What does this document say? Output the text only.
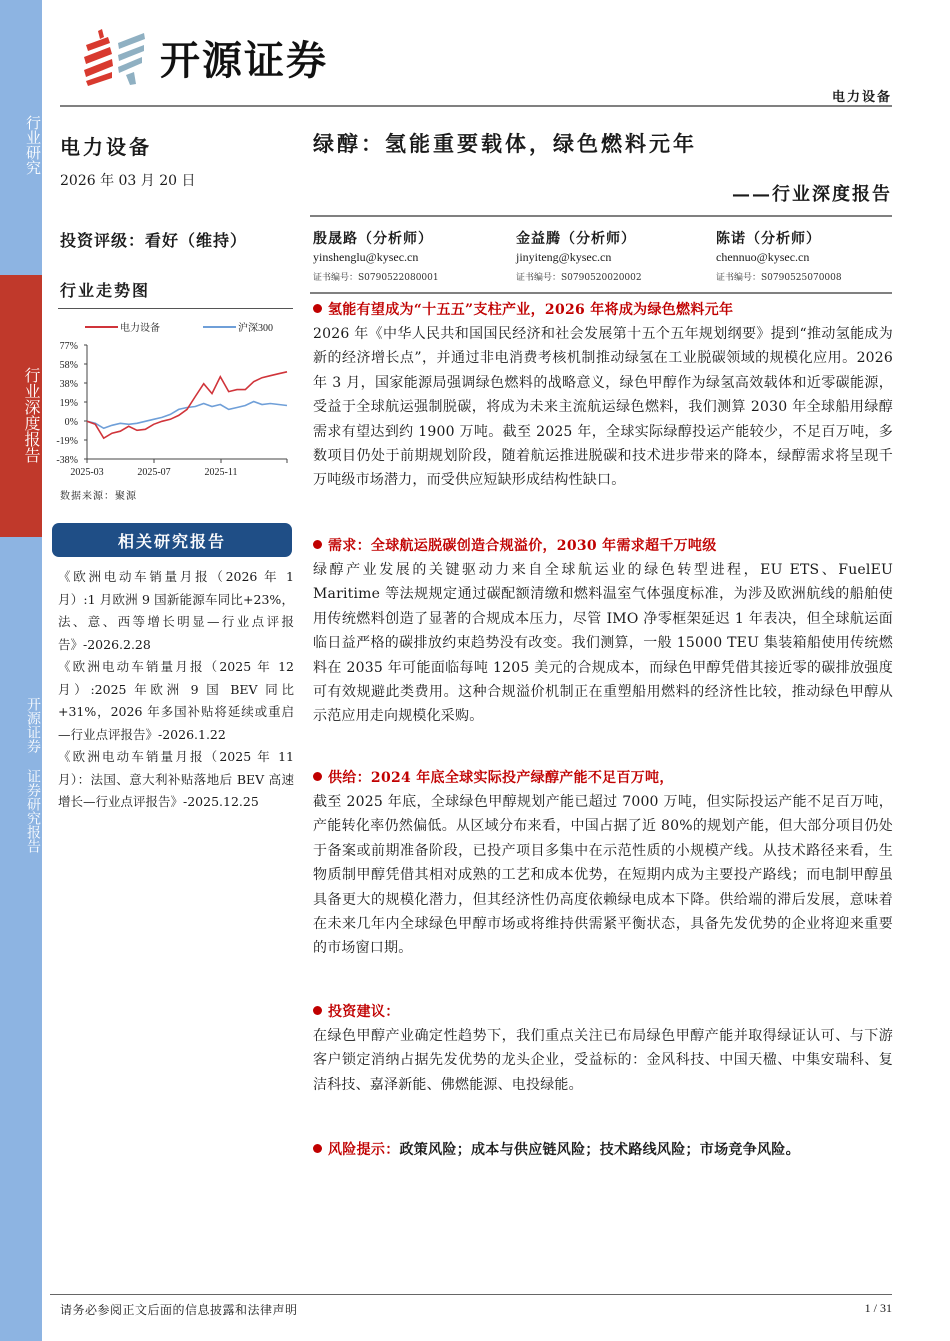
行业研究
行业深度报告
开源证券 证券研究报告
开源证券
电力设备
电力设备
2026 年 03 月 20 日
绿醇：氢能重要载体，绿色燃料元年
——行业深度报告
投资评级：看好（维持）
行业走势图
电力设备	沪深300
77%
58%
38%
19%
0%
-19%
-38%
2025-03	2025-07	2025-11
数据来源：聚源
相关研究报告

《欧洲电动车销量月报（2026 年 1 月）:1 月欧洲 9 国新能源车同比+23%，法、意、西等增长明显—行业点评报告》-2026.2.28

《欧洲电动车销量月报（2025 年 12 月）:2025 年欧洲 9 国 BEV 同比+31%，2026 年多国补贴将延续或重启—行业点评报告》-2026.1.22

《欧洲电动车销量月报（2025 年 11 月）：法国、意大利补贴落地后 BEV 高速增长—行业点评报告》-2025.12.25

殷晟路（分析师）
yinshenglu@kysec.cn
证书编号：S0790522080001
金益腾（分析师）
jinyiteng@kysec.cn
证书编号：S0790520020002
陈诺（分析师）
chennuo@kysec.cn
证书编号：S0790525070008
氢能有望成为“十五五”支柱产业，2026 年将成为绿色燃料元年

2026 年《中华人民共和国国民经济和社会发展第十五个五年规划纲要》提到“推动氢能成为新的经济增长点”，并通过非电消费考核机制推动绿氢在工业脱碳领域的规模化应用。2026 年 3 月，国家能源局强调绿色燃料的战略意义，绿色甲醇作为绿氢高效载体和近零碳能源，受益于全球航运强制脱碳，将成为未来主流航运绿色燃料，我们测算 2030 年全球船用绿醇需求有望达到约 1900 万吨。截至 2025 年，全球实际绿醇投运产能较少，不足百万吨，多数项目仍处于前期规划阶段，随着航运推进脱碳和技术进步带来的降本，绿醇需求将呈现千万吨级市场潜力，而受供应短缺形成结构性缺口。

需求：全球航运脱碳创造合规溢价，2030 年需求超千万吨级

绿醇产业发展的关键驱动力来自全球航运业的绿色转型进程，EU ETS、FuelEU Maritime 等法规规定通过碳配额清缴和燃料温室气体强度标准，为涉及欧洲航线的船舶使用传统燃料创造了显著的合规成本压力，尽管 IMO 净零框架延迟 1 年表决，但全球航运面临日益严格的碳排放约束趋势没有改变。我们测算，一般 15000 TEU 集装箱船使用传统燃料在 2035 年可能面临每吨 1205 美元的合规成本，而绿色甲醇凭借其接近零的碳排放强度可有效规避此类费用。这种合规溢价机制正在重塑船用燃料的经济性比较，推动绿色甲醇从示范应用走向规模化采购。

供给：2024 年底全球实际投产绿醇产能不足百万吨，

截至 2025 年底，全球绿色甲醇规划产能已超过 7000 万吨，但实际投运产能不足百万吨，产能转化率仍然偏低。从区域分布来看，中国占据了近 80%的规划产能，但大部分项目仍处于备案或前期准备阶段，已投产项目多集中在示范性质的小规模产线。从技术路径来看，生物质制甲醇凭借其相对成熟的工艺和成本优势，在短期内成为主要投产路线；而电制甲醇虽具备更大的规模化潜力，但其经济性仍高度依赖绿电成本下降。供给端的滞后发展，意味着在未来几年内全球绿色甲醇市场或将维持供需紧平衡状态，具备先发优势的企业将迎来重要的市场窗口期。

投资建议：

在绿色甲醇产业确定性趋势下，我们重点关注已布局绿色甲醇产能并取得绿证认可、与下游客户锁定消纳占据先发优势的龙头企业，受益标的：金风科技、中国天楹、中集安瑞科、复洁科技、嘉泽新能、佛燃能源、电投绿能。

风险提示：政策风险；成本与供应链风险；技术路线风险；市场竞争风险。
请务必参阅正文后面的信息披露和法律声明	1 / 31
